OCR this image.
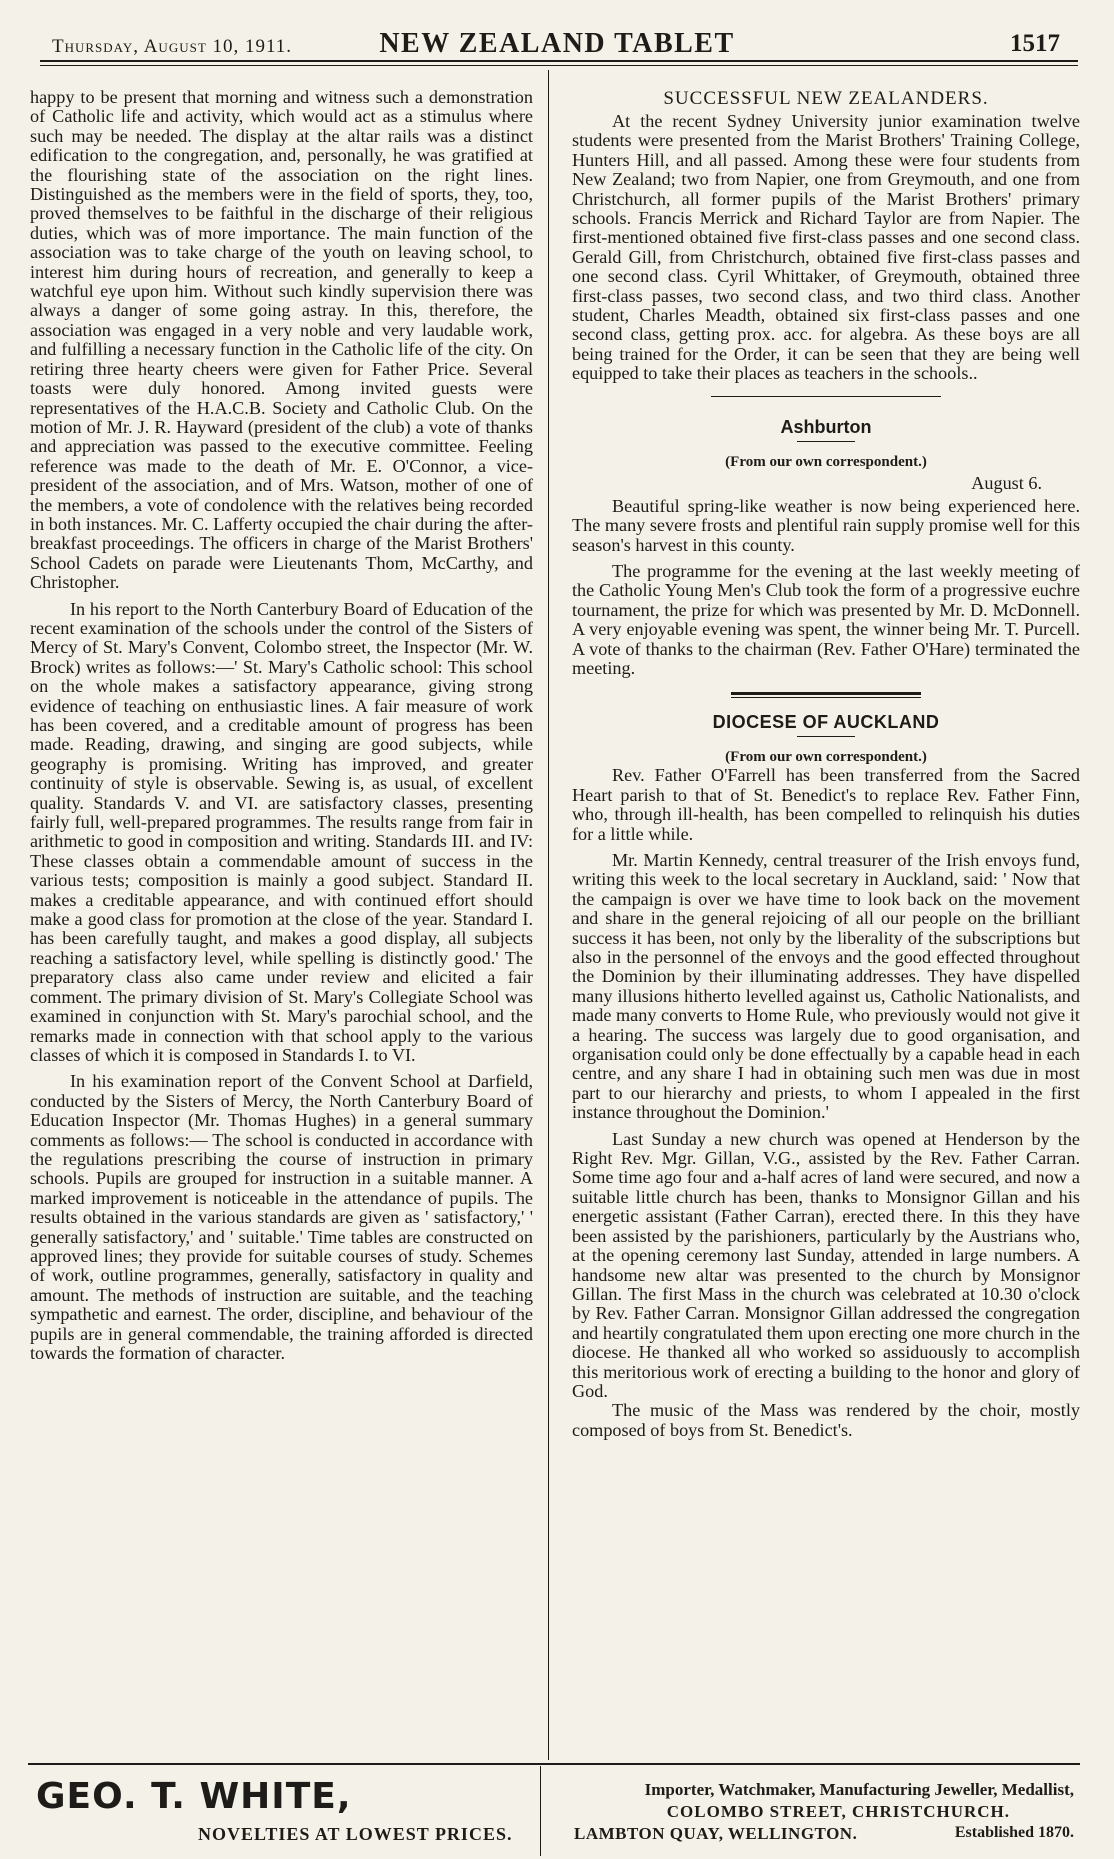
Thursday, August 10, 1911.	NEW ZEALAND TABLET	1517

happy to be present that morning and witness such a demonstration of Catholic life and activity, which would act as a stimulus where such may be needed. The display at the altar rails was a distinct edification to the congregation, and, personally, he was gratified at the flourishing state of the association on the right lines. Distinguished as the members were in the field of sports, they, too, proved themselves to be faithful in the discharge of their religious duties, which was of more importance. The main function of the association was to take charge of the youth on leaving school, to interest him during hours of recreation, and generally to keep a watchful eye upon him. Without such kindly supervision there was always a danger of some going astray. In this, therefore, the association was engaged in a very noble and very laudable work, and fulfilling a necessary function in the Catholic life of the city. On retiring three hearty cheers were given for Father Price. Several toasts were duly honored. Among invited guests were representatives of the H.A.C.B. Society and Catholic Club. On the motion of Mr. J. R. Hayward (president of the club) a vote of thanks and appreciation was passed to the executive committee. Feeling reference was made to the death of Mr. E. O'Connor, a vice-president of the association, and of Mrs. Watson, mother of one of the members, a vote of condolence with the relatives being recorded in both instances. Mr. C. Lafferty occupied the chair during the after-breakfast proceedings. The officers in charge of the Marist Brothers' School Cadets on parade were Lieutenants Thom, McCarthy, and Christopher.

In his report to the North Canterbury Board of Education of the recent examination of the schools under the control of the Sisters of Mercy of St. Mary's Convent, Colombo street, the Inspector (Mr. W. Brock) writes as follows:—' St. Mary's Catholic school: This school on the whole makes a satisfactory appearance, giving strong evidence of teaching on enthusiastic lines. A fair measure of work has been covered, and a creditable amount of progress has been made. Reading, drawing, and singing are good subjects, while geography is promising. Writing has improved, and greater continuity of style is observable. Sewing is, as usual, of excellent quality. Standards V. and VI. are satisfactory classes, presenting fairly full, well-prepared programmes. The results range from fair in arithmetic to good in composition and writing. Standards III. and IV: These classes obtain a commendable amount of success in the various tests; composition is mainly a good subject. Standard II. makes a creditable appearance, and with continued effort should make a good class for promotion at the close of the year. Standard I. has been carefully taught, and makes a good display, all subjects reaching a satisfactory level, while spelling is distinctly good.' The preparatory class also came under review and elicited a fair comment. The primary division of St. Mary's Collegiate School was examined in conjunction with St. Mary's parochial school, and the remarks made in connection with that school apply to the various classes of which it is composed in Standards I. to VI.

In his examination report of the Convent School at Darfield, conducted by the Sisters of Mercy, the North Canterbury Board of Education Inspector (Mr. Thomas Hughes) in a general summary comments as follows:— The school is conducted in accordance with the regulations prescribing the course of instruction in primary schools. Pupils are grouped for instruction in a suitable manner. A marked improvement is noticeable in the attendance of pupils. The results obtained in the various standards are given as ' satisfactory,' ' generally satisfactory,' and ' suitable.' Time tables are constructed on approved lines; they provide for suitable courses of study. Schemes of work, outline programmes, generally, satisfactory in quality and amount. The methods of instruction are suitable, and the teaching sympathetic and earnest. The order, discipline, and behaviour of the pupils are in general commendable, the training afforded is directed towards the formation of character.

SUCCESSFUL NEW ZEALANDERS.

At the recent Sydney University junior examination twelve students were presented from the Marist Brothers' Training College, Hunters Hill, and all passed. Among these were four students from New Zealand; two from Napier, one from Greymouth, and one from Christchurch, all former pupils of the Marist Brothers' primary schools. Francis Merrick and Richard Taylor are from Napier. The first-mentioned obtained five first-class passes and one second class. Gerald Gill, from Christchurch, obtained five first-class passes and one second class. Cyril Whittaker, of Greymouth, obtained three first-class passes, two second class, and two third class. Another student, Charles Meadth, obtained six first-class passes and one second class, getting prox. acc. for algebra. As these boys are all being trained for the Order, it can be seen that they are being well equipped to take their places as teachers in the schools..

Ashburton
(From our own correspondent.)
August 6.

Beautiful spring-like weather is now being experienced here. The many severe frosts and plentiful rain supply promise well for this season's harvest in this county.

The programme for the evening at the last weekly meeting of the Catholic Young Men's Club took the form of a progressive euchre tournament, the prize for which was presented by Mr. D. McDonnell. A very enjoyable evening was spent, the winner being Mr. T. Purcell. A vote of thanks to the chairman (Rev. Father O'Hare) terminated the meeting.

DIOCESE OF AUCKLAND
(From our own correspondent.)

Rev. Father O'Farrell has been transferred from the Sacred Heart parish to that of St. Benedict's to replace Rev. Father Finn, who, through ill-health, has been compelled to relinquish his duties for a little while.

Mr. Martin Kennedy, central treasurer of the Irish envoys fund, writing this week to the local secretary in Auckland, said: ' Now that the campaign is over we have time to look back on the movement and share in the general rejoicing of all our people on the brilliant success it has been, not only by the liberality of the subscriptions but also in the personnel of the envoys and the good effected throughout the Dominion by their illuminating addresses. They have dispelled many illusions hitherto levelled against us, Catholic Nationalists, and made many converts to Home Rule, who previously would not give it a hearing. The success was largely due to good organisation, and organisation could only be done effectually by a capable head in each centre, and any share I had in obtaining such men was due in most part to our hierarchy and priests, to whom I appealed in the first instance throughout the Dominion.'

Last Sunday a new church was opened at Henderson by the Right Rev. Mgr. Gillan, V.G., assisted by the Rev. Father Carran. Some time ago four and a-half acres of land were secured, and now a suitable little church has been, thanks to Monsignor Gillan and his energetic assistant (Father Carran), erected there. In this they have been assisted by the parishioners, particularly by the Austrians who, at the opening ceremony last Sunday, attended in large numbers. A handsome new altar was presented to the church by Monsignor Gillan. The first Mass in the church was celebrated at 10.30 o'clock by Rev. Father Carran. Monsignor Gillan addressed the congregation and heartily congratulated them upon erecting one more church in the diocese. He thanked all who worked so assiduously to accomplish this meritorious work of erecting a building to the honor and glory of God.

The music of the Mass was rendered by the choir, mostly composed of boys from St. Benedict's.

GEO. T. WHITE,
NOVELTIES AT LOWEST PRICES.
Importer, Watchmaker, Manufacturing Jeweller, Medallist,
COLOMBO STREET, CHRISTCHURCH.
LAMBTON QUAY, WELLINGTON.	Established 1870.
